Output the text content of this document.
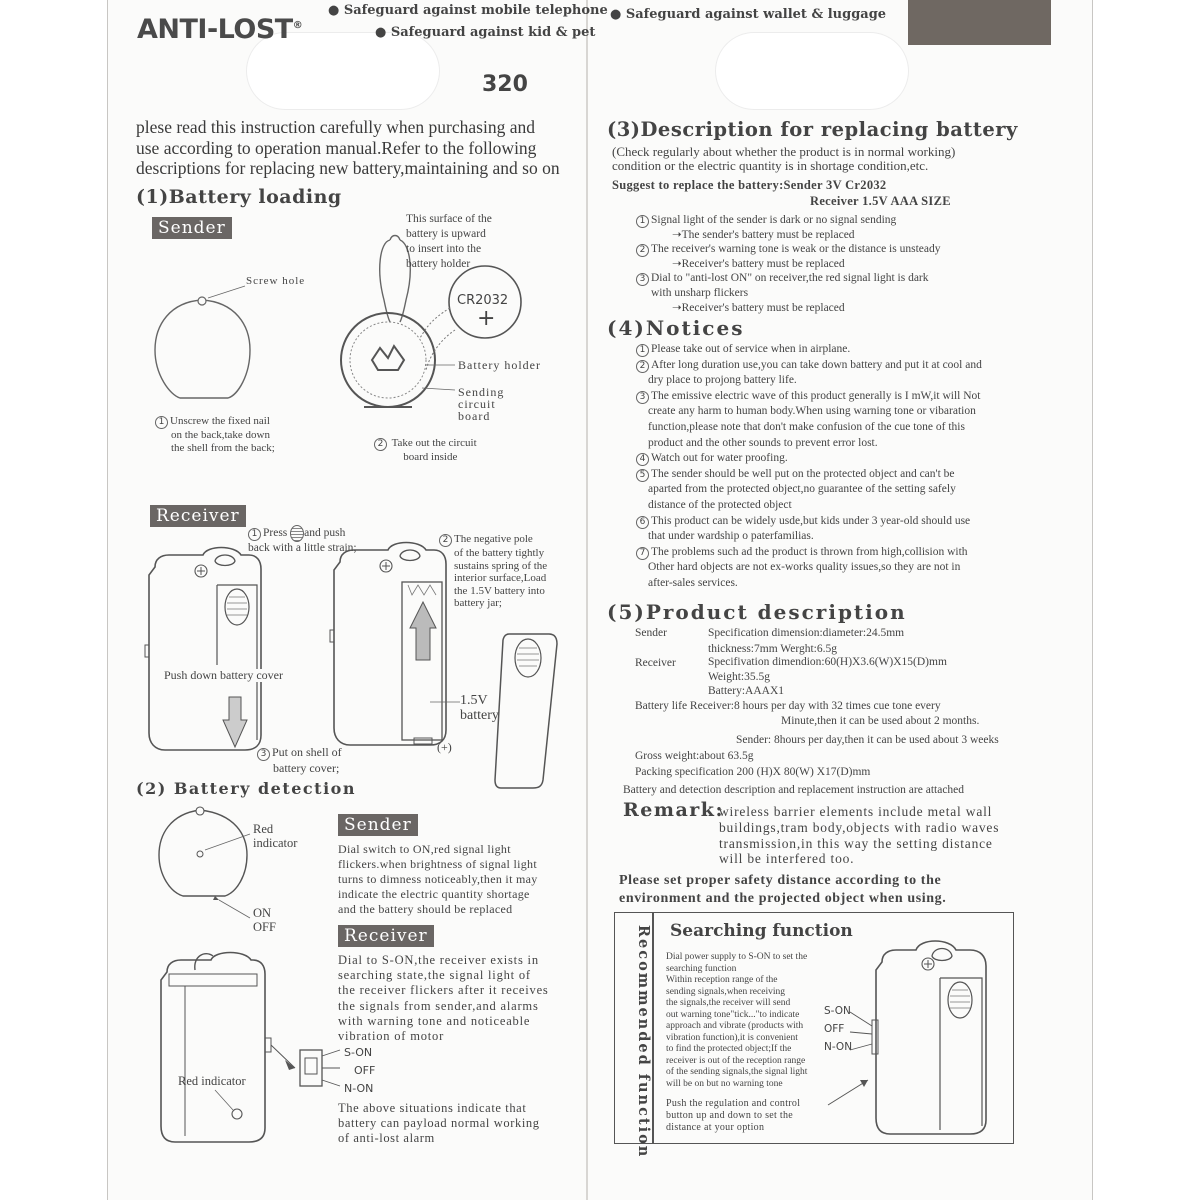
ANTI-LOST®
● Safeguard against mobile telephone
● Safeguard against kid & pet
● Safeguard against wallet & luggage
320
plese read this instruction carefully when purchasing and
use according to operation manual.Refer to the following
descriptions for replacing new battery,maintaining and so on
(1)Battery loading
Sender
Screw hole
1 Unscrew the fixed nail
on the back,take down
the shell from the back;
CR2032
+
This surface of the
battery is upward
to insert into the
battery holder
Battery holder
Sending
circuit
board
2 Take out the circuit
board inside
Receiver
1 Press and push
back with a little strain;
Push down battery cover
3 Put on shell of
battery cover;
2 The negative pole
of the battery tightly
sustains spring of the
interior surface,Load
the 1.5V battery into
battery jar;
1.5V
battery
(+)
(2) Battery detection
Red
indicator
ON
OFF
Sender
Dial switch to ON,red signal light
flickers.when brightness of signal light
turns to dimness noticeably,then it may
indicate the electric quantity shortage
and the battery should be replaced
Receiver
Dial to S-ON,the receiver exists in
searching state,the signal light of
the receiver flickers after it receives
the signals from sender,and alarms
with warning tone and noticeable
vibration of motor
S-ON
OFF
N-ON
Red indicator
The above situations indicate that
battery can payload normal working
of anti-lost alarm
(3)Description for replacing battery
(Check regularly about whether the product is in normal working)
condition or the electric quantity is in shortage condition,etc.
Suggest to replace the battery:Sender 3V Cr2032
Receiver 1.5V AAA SIZE
1 Signal light of the sender is dark or no signal sending
➝The sender's battery must be replaced
2 The receiver's warning tone is weak or the distance is unsteady
➝Receiver's battery must be replaced
3 Dial to "anti-lost ON" on receiver,the red signal light is dark
with unsharp flickers
➝Receiver's battery must be replaced
(4)Notices
1 Please take out of service when in airplane.
2 After long duration use,you can take down battery and put it at cool and
dry place to projong battery life.
3 The emissive electric wave of this product generally is I mW,it will Not
create any harm to human body.When using warning tone or vibaration
function,please note that don't make confusion of the cue tone of this
product and the other sounds to prevent error lost.
4 Watch out for water proofing.
5 The sender should be well put on the protected object and can't be
aparted from the protected object,no guarantee of the setting safely
distance of the protected object
6 This product can be widely usde,but kids under 3 year-old should use
that under wardship o paterfamilias.
7 The problems such ad the product is thrown from high,collision with
Other hard objects are not ex-works quality issues,so they are not in
after-sales services.
(5)Product description
Sender	Specification dimension:diameter:24.5mm
thickness:7mm Werght:6.5g
Receiver	Specifivation dimendion:60(H)X3.6(W)X15(D)mm
Weight:35.5g
Battery:AAAX1
Battery life Receiver:8 hours per day with 32 times cue tone every
Minute,then it can be used about 2 months.
Sender: 8hours per day,then it can be used about 3 weeks
Gross weight:about 63.5g
Packing specification 200 (H)X 80(W) X17(D)mm
Battery and detection description and replacement instruction are attached
Remark:
wireless barrier elements include metal wall
buildings,tram body,objects with radio waves
transmission,in this way the setting distance
will be interfered too.
Please set proper safety distance according to the
environment and the projected object when using.
Recommended function Searching function
Dial power supply to S-ON to set the
searching function
Within reception range of the
sending signals,when receiving
the signals,the receiver will send
out warning tone"tick..."to indicate
approach and vibrate (products with
vibration function),it is convenient
to find the protected object;If the
receiver is out of the reception range
of the sending signals,the signal light
will be on but no warning tone
Push the regulation and control
button up and down to set the
distance at your option
S-ON
OFF
N-ON
